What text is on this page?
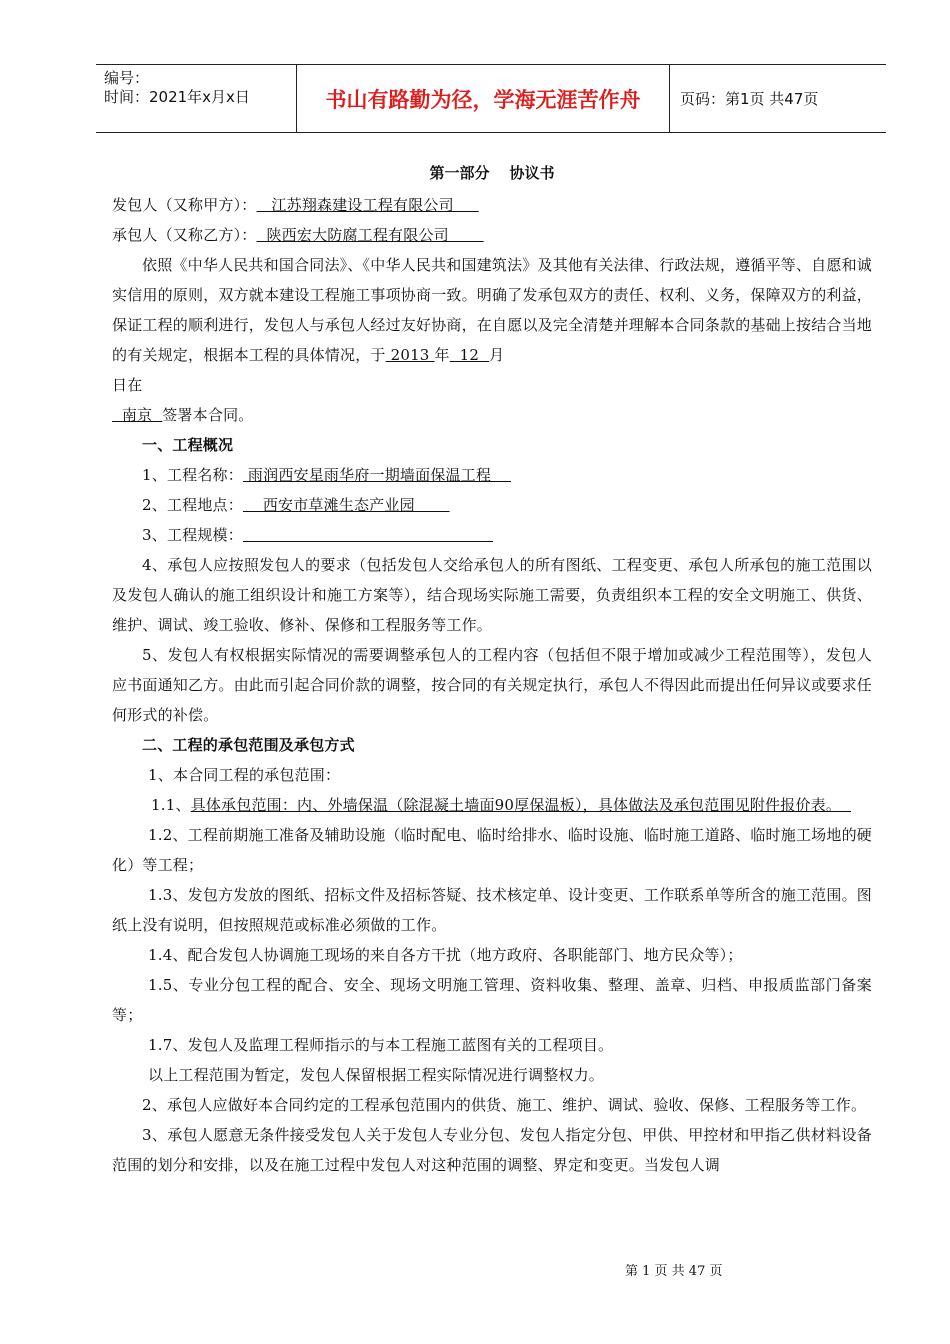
编号：
时间：2021年x月x日	书山有路勤为径，学海无涯苦作舟	页码：第1页 共47页
第一部分 协议书

发包人（又称甲方）：   江苏翔森建设工程有限公司

承包人（又称乙方）：  陕西宏大防腐工程有限公司

依照《中华人民共和国合同法》、《中华人民共和国建筑法》及其他有关法律、行政法规，遵循平等、自愿和诚实信用的原则，双方就本建设工程施工事项协商一致。明确了发承包双方的责任、权利、义务，保障双方的利益，保证工程的顺利进行，发包人与承包人经过友好协商，在自愿以及完全清楚并理解本合同条款的基础上按结合当地的有关规定，根据本工程的具体情况，于 2013 年  12  月
日在

南京  签署本合同。

一、工程概况

1、工程名称： 雨润西安星雨华府一期墙面保温工程

2、工程地点：    西安市草滩生态产业园

3、工程规模：

4、承包人应按照发包人的要求（包括发包人交给承包人的所有图纸、工程变更、承包人所承包的施工范围以及发包人确认的施工组织设计和施工方案等），结合现场实际施工需要，负责组织本工程的安全文明施工、供货、维护、调试、竣工验收、修补、保修和工程服务等工作。

5、发包人有权根据实际情况的需要调整承包人的工程内容（包括但不限于增加或减少工程范围等），发包人应书面通知乙方。由此而引起合同价款的调整，按合同的有关规定执行，承包人不得因此而提出任何异议或要求任何形式的补偿。

二、工程的承包范围及承包方式

1、本合同工程的承包范围：

1.1、具体承包范围：内、外墙保温（除混凝土墙面90厚保温板），具体做法及承包范围见附件报价表。

1.2、工程前期施工准备及辅助设施（临时配电、临时给排水、临时设施、临时施工道路、临时施工场地的硬化）等工程；

1.3、发包方发放的图纸、招标文件及招标答疑、技术核定单、设计变更、工作联系单等所含的施工范围。图纸上没有说明，但按照规范或标准必须做的工作。

1.4、配合发包人协调施工现场的来自各方干扰（地方政府、各职能部门、地方民众等）；

1.5、专业分包工程的配合、安全、现场文明施工管理、资料收集、整理、盖章、归档、申报质监部门备案等；

1.7、发包人及监理工程师指示的与本工程施工蓝图有关的工程项目。

以上工程范围为暂定，发包人保留根据工程实际情况进行调整权力。

2、承包人应做好本合同约定的工程承包范围内的供货、施工、维护、调试、验收、保修、工程服务等工作。

3、承包人愿意无条件接受发包人关于发包人专业分包、发包人指定分包、甲供、甲控材和甲指乙供材料设备范围的划分和安排，以及在施工过程中发包人对这种范围的调整、界定和变更。当发包人调

第 1 页 共 47 页
